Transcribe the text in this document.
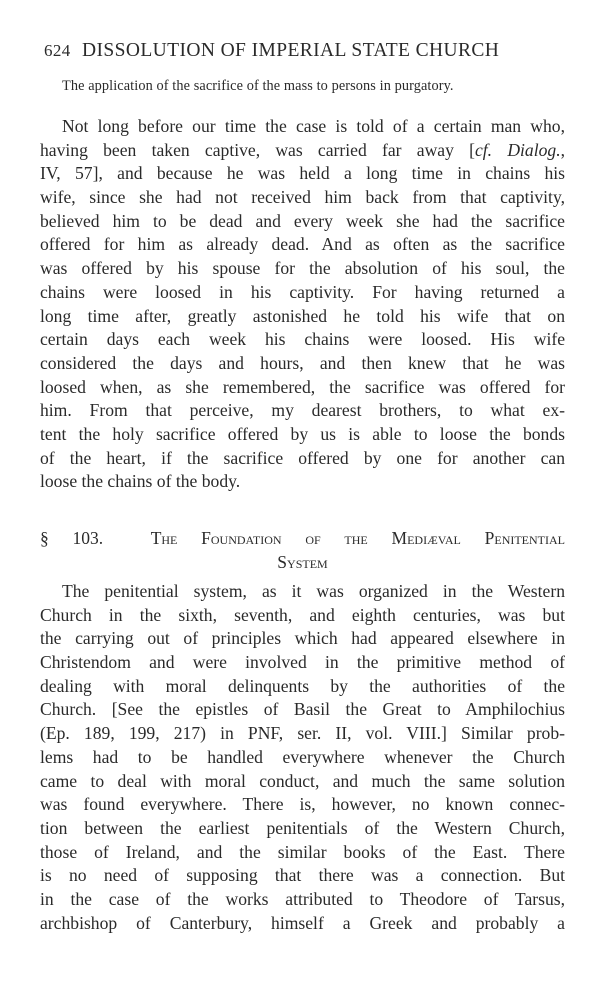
624 DISSOLUTION OF IMPERIAL STATE CHURCH
The application of the sacrifice of the mass to persons in purgatory.
Not long before our time the case is told of a certain man who,
having been taken captive, was carried far away [cf. Dialog.,
IV, 57], and because he was held a long time in chains his
wife, since she had not received him back from that captivity,
believed him to be dead and every week she had the sacrifice
offered for him as already dead. And as often as the sacrifice
was offered by his spouse for the absolution of his soul, the
chains were loosed in his captivity. For having returned a
long time after, greatly astonished he told his wife that on
certain days each week his chains were loosed. His wife
considered the days and hours, and then knew that he was
loosed when, as she remembered, the sacrifice was offered for
him. From that perceive, my dearest brothers, to what ex-
tent the holy sacrifice offered by us is able to loose the bonds
of the heart, if the sacrifice offered by one for another can
loose the chains of the body.
§ 103.	The Foundation of the Mediæval Penitential
System
The penitential system, as it was organized in the Western
Church in the sixth, seventh, and eighth centuries, was but
the carrying out of principles which had appeared elsewhere in
Christendom and were involved in the primitive method of
dealing with moral delinquents by the authorities of the
Church. [See the epistles of Basil the Great to Amphilochius
(Ep. 189, 199, 217) in PNF, ser. II, vol. VIII.] Similar prob-
lems had to be handled everywhere whenever the Church
came to deal with moral conduct, and much the same solution
was found everywhere. There is, however, no known connec-
tion between the earliest penitentials of the Western Church,
those of Ireland, and the similar books of the East. There
is no need of supposing that there was a connection. But
in the case of the works attributed to Theodore of Tarsus,
archbishop of Canterbury, himself a Greek and probably a
